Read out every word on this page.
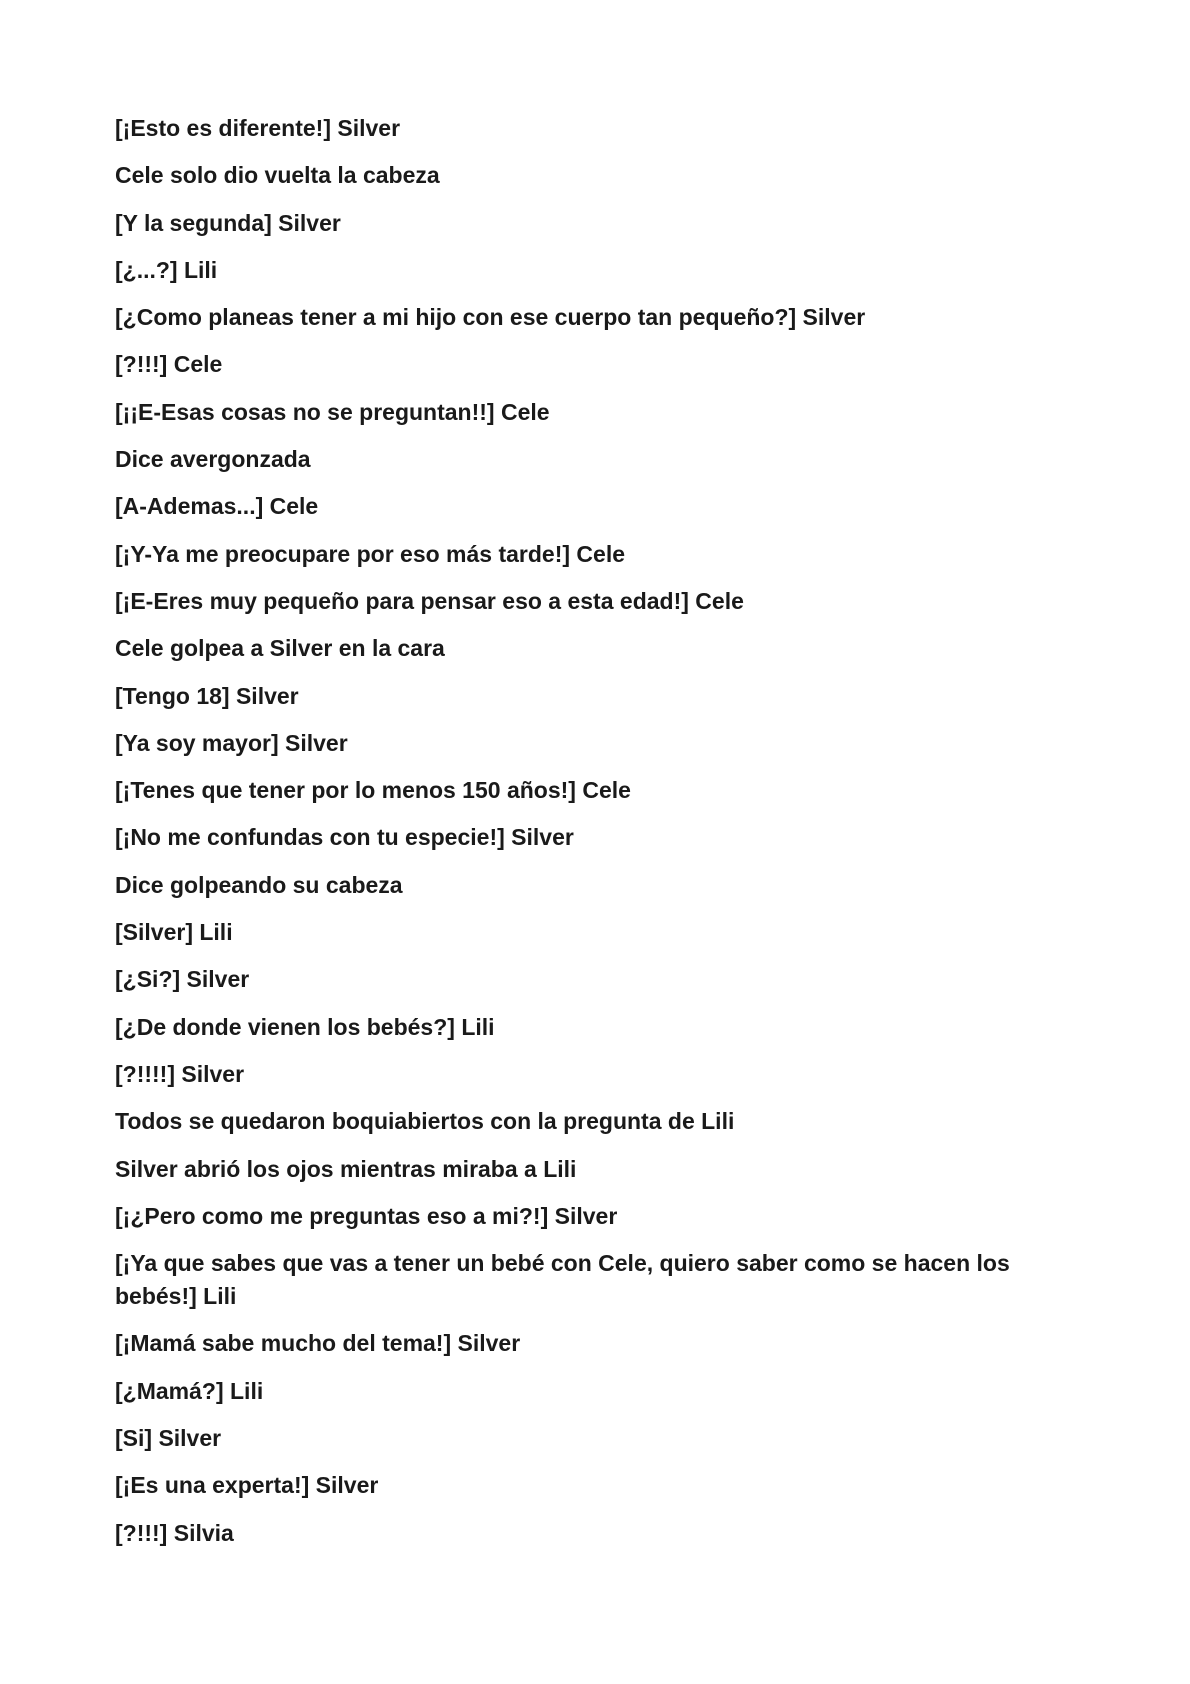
[¡Esto es diferente!] Silver

Cele solo dio vuelta la cabeza

[Y la segunda] Silver

[¿...?] Lili

[¿Como planeas tener a mi hijo con ese cuerpo tan pequeño?] Silver

[?!!!] Cele

[¡¡E-Esas cosas no se preguntan!!] Cele

Dice avergonzada

[A-Ademas...] Cele

[¡Y-Ya me preocupare por eso más tarde!] Cele

[¡E-Eres muy pequeño para pensar eso a esta edad!] Cele

Cele golpea a Silver en la cara

[Tengo 18] Silver

[Ya soy mayor] Silver

[¡Tenes que tener por lo menos 150 años!] Cele

[¡No me confundas con tu especie!] Silver

Dice golpeando su cabeza

[Silver] Lili

[¿Si?] Silver

[¿De donde vienen los bebés?] Lili

[?!!!!] Silver

Todos se quedaron boquiabiertos con la pregunta de Lili

Silver abrió los ojos mientras miraba a Lili

[¡¿Pero como me preguntas eso a mi?!] Silver

[¡Ya que sabes que vas a tener un bebé con Cele, quiero saber como se hacen los bebés!] Lili

[¡Mamá sabe mucho del tema!] Silver

[¿Mamá?] Lili

[Si] Silver

[¡Es una experta!] Silver

[?!!!] Silvia
